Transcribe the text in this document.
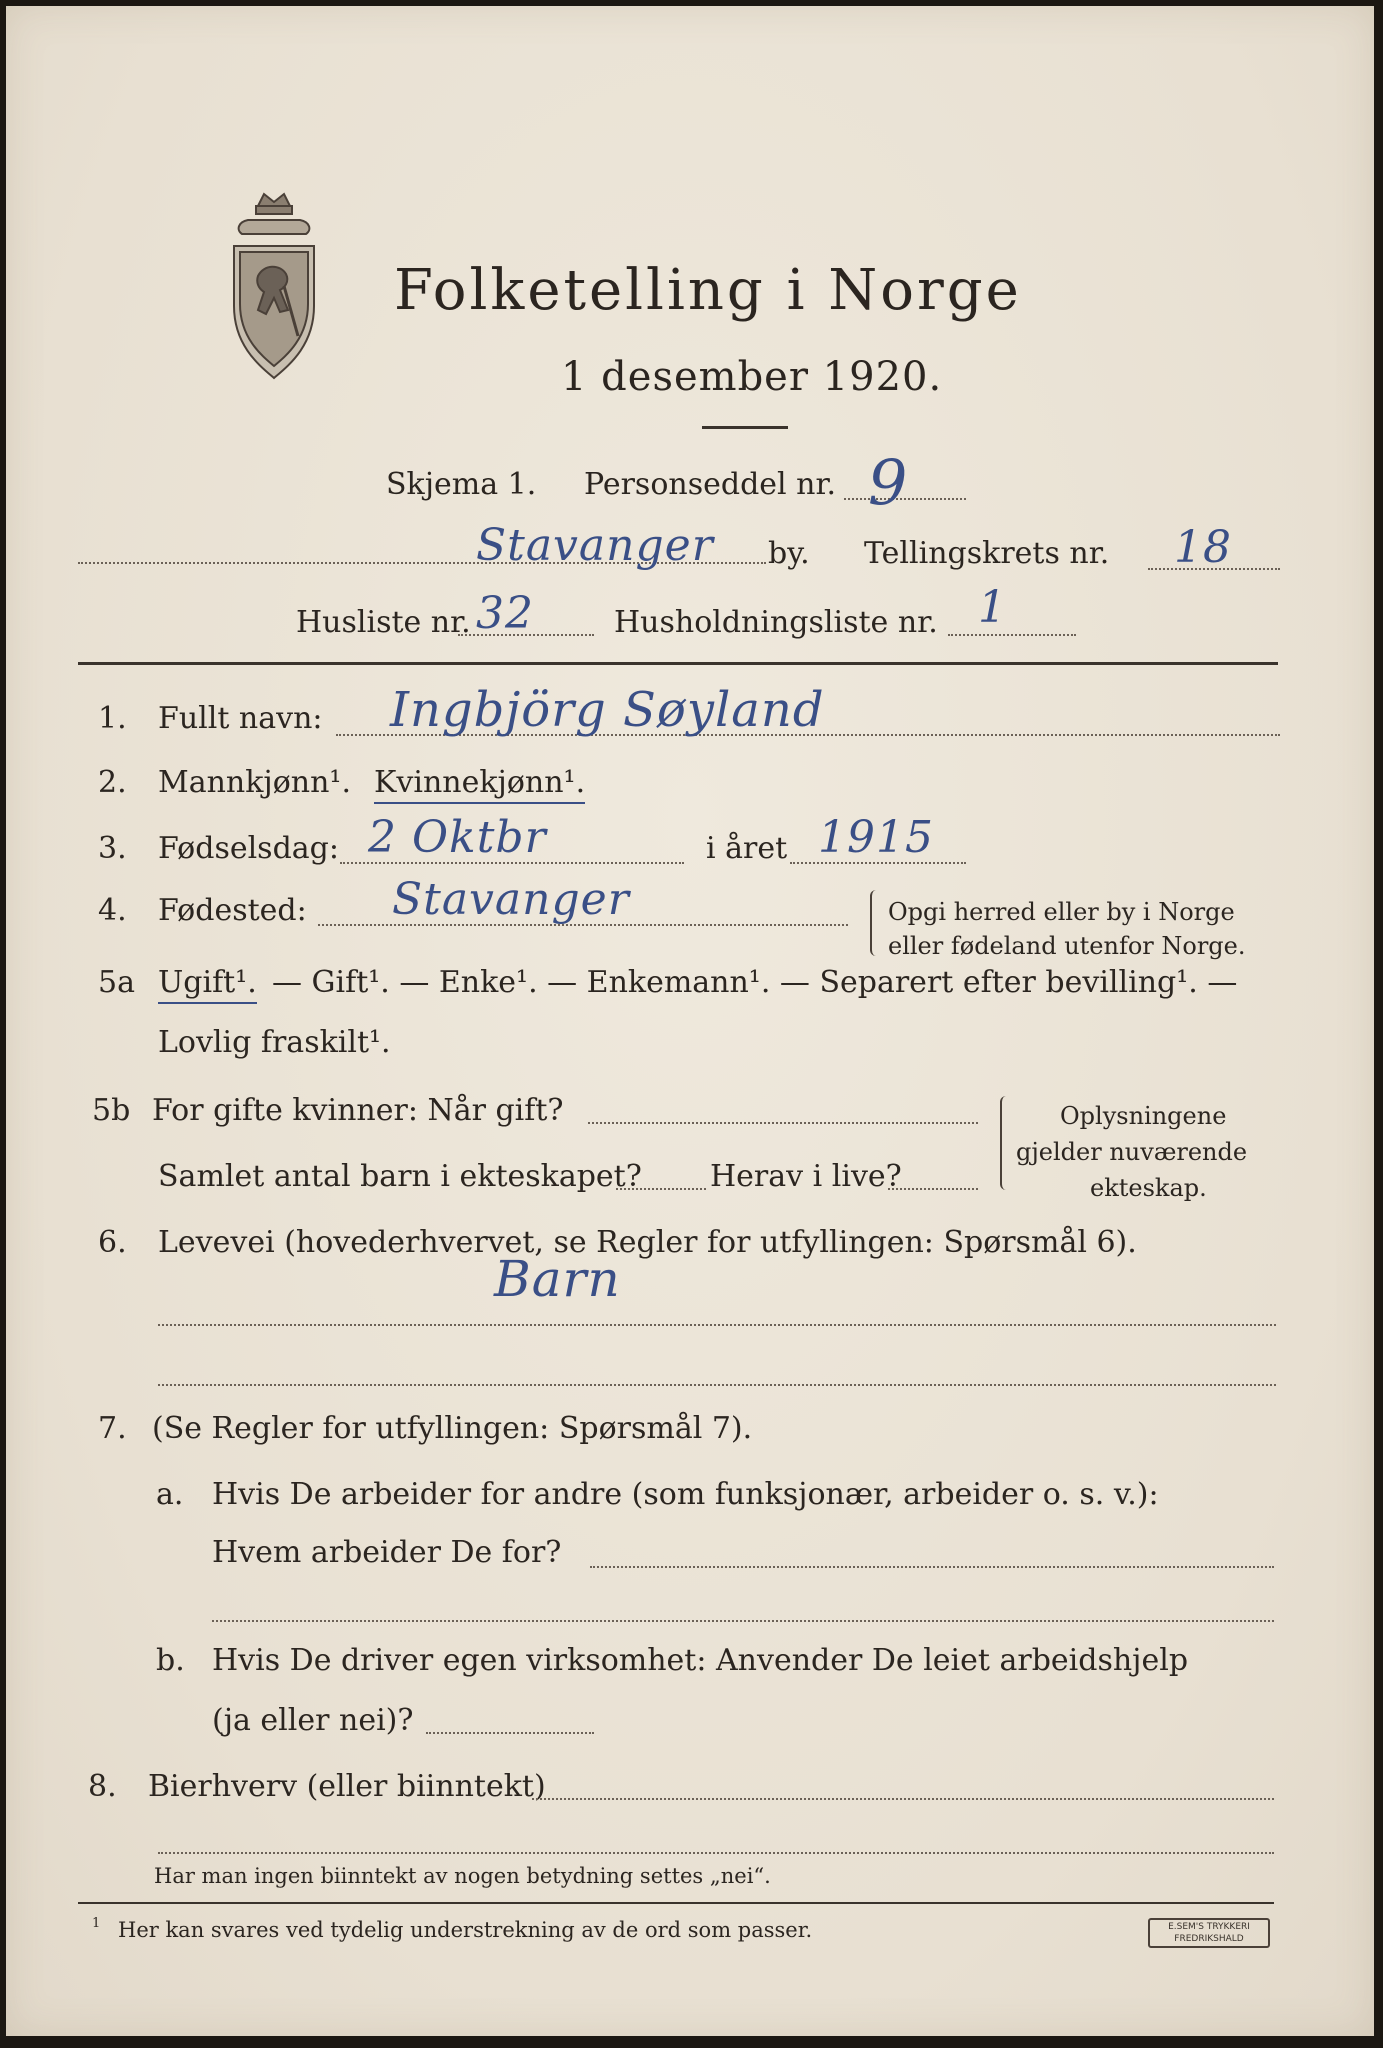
Folketelling i Norge
1 desember 1920.
Skjema 1. Personseddel nr. 9
Stavanger by. Tellingskrets nr. 18
Husliste nr. 32	Husholdningsliste nr. 1
1. Fullt navn: Ingbjörg Søyland
2. Mannkjønn¹. Kvinnekjønn¹.
3. Fødselsdag: 2 Oktbr	i året 1915
4. Fødested: Stavanger	Opgi herred eller by i Norge
eller fødeland utenfor Norge.
5a Ugift¹. — Gift¹. — Enke¹. — Enkemann¹. — Separert efter bevilling¹. —
Lovlig fraskilt¹.
5b For gifte kvinner: Når gift?
Samlet antal barn i ekteskapet? Herav i live?
Oplysningene
gjelder nuværende
ekteskap.
6. Levevei (hovederhvervet, se Regler for utfyllingen: Spørsmål 6).
Barn
7. (Se Regler for utfyllingen: Spørsmål 7).
a. Hvis De arbeider for andre (som funksjonær, arbeider o. s. v.):
Hvem arbeider De for?
b. Hvis De driver egen virksomhet: Anvender De leiet arbeidshjelp
(ja eller nei)?
8. Bierhverv (eller biinntekt)
Har man ingen biinntekt av nogen betydning settes „nei“.
1 Her kan svares ved tydelig understrekning av de ord som passer.	E.SEM'S TRYKKERI
FREDRIKSHALD
